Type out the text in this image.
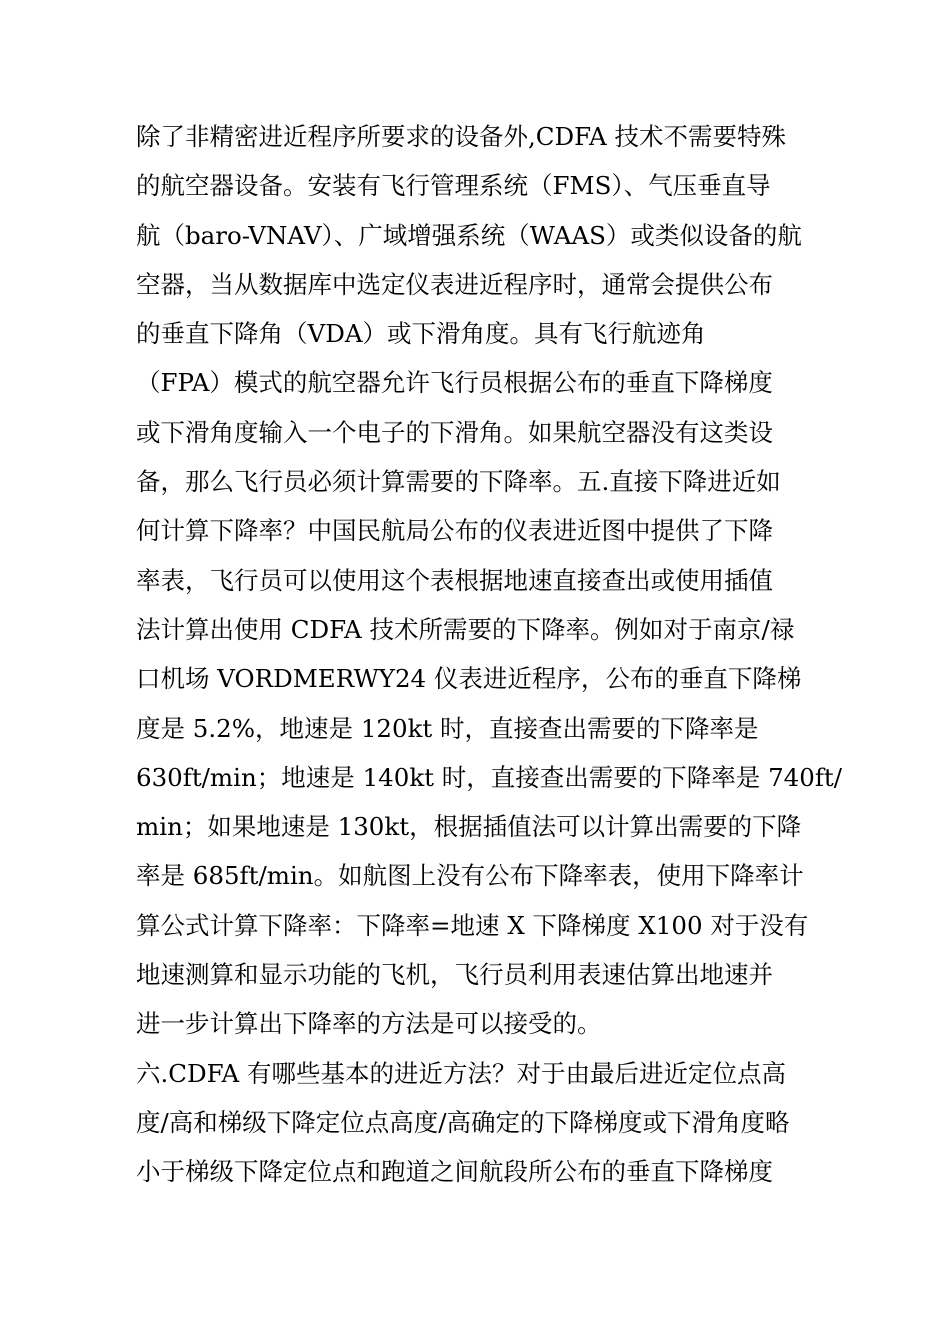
除了非精密进近程序所要求的设备外,CDFA 技术不需要特殊
的航空器设备。安装有飞行管理系统（FMS）、气压垂直导
航（baro-VNAV）、广域增强系统（WAAS）或类似设备的航
空器，当从数据库中选定仪表进近程序时，通常会提供公布
的垂直下降角（VDA）或下滑角度。具有飞行航迹角
（FPA）模式的航空器允许飞行员根据公布的垂直下降梯度
或下滑角度输入一个电子的下滑角。如果航空器没有这类设
备，那么飞行员必须计算需要的下降率。五.直接下降进近如
何计算下降率？中国民航局公布的仪表进近图中提供了下降
率表，飞行员可以使用这个表根据地速直接查出或使用插值
法计算出使用 CDFA 技术所需要的下降率。例如对于南京/禄
口机场 VORDMERWY24 仪表进近程序，公布的垂直下降梯
度是 5.2%，地速是 120kt 时，直接查出需要的下降率是
630ft/min；地速是 140kt 时，直接查出需要的下降率是 740ft/
min；如果地速是 130kt，根据插值法可以计算出需要的下降
率是 685ft/min。如航图上没有公布下降率表，使用下降率计
算公式计算下降率：下降率=地速 X 下降梯度 X100 对于没有
地速测算和显示功能的飞机，飞行员利用表速估算出地速并
进一步计算出下降率的方法是可以接受的。
六.CDFA 有哪些基本的进近方法？对于由最后进近定位点高
度/高和梯级下降定位点高度/高确定的下降梯度或下滑角度略
小于梯级下降定位点和跑道之间航段所公布的垂直下降梯度
